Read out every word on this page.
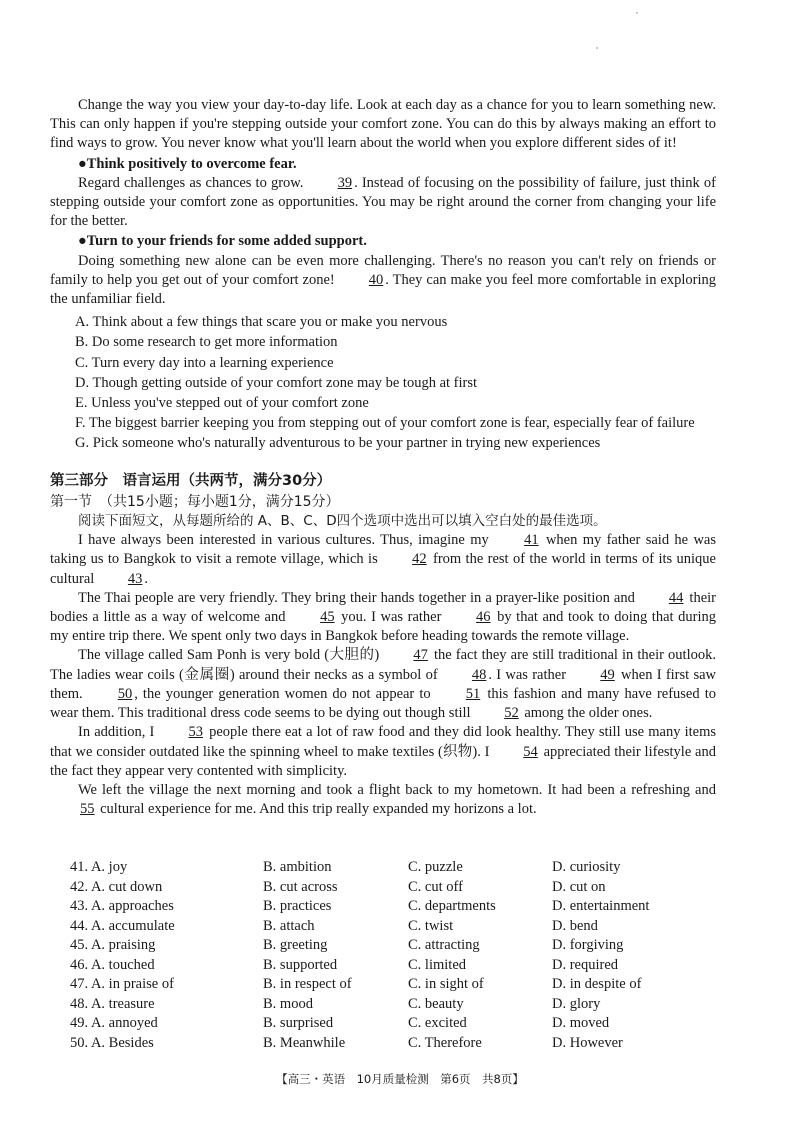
Change the way you view your day-to-day life. Look at each day as a chance for you to learn something new. This can only happen if you're stepping outside your comfort zone. You can do this by always making an effort to find ways to grow. You never know what you'll learn about the world when you explore different sides of it!

●Think positively to overcome fear.

Regard challenges as chances to grow. 39 . Instead of focusing on the possibility of failure, just think of stepping outside your comfort zone as opportunities. You may be right around the corner from changing your life for the better.

●Turn to your friends for some added support.

Doing something new alone can be even more challenging. There's no reason you can't rely on friends or family to help you get out of your comfort zone! 40 . They can make you feel more comfortable in exploring the unfamiliar field.

A. Think about a few things that scare you or make you nervous

B. Do some research to get more information

C. Turn every day into a learning experience

D. Though getting outside of your comfort zone may be tough at first

E. Unless you've stepped out of your comfort zone

F. The biggest barrier keeping you from stepping out of your comfort zone is fear, especially fear of failure

G. Pick someone who's naturally adventurous to be your partner in trying new experiences

第三部分　语言运用（共两节，满分30分）

第一节　（共15小题；每小题1分，满分15分）

阅读下面短文，从每题所给的 A、B、C、D四个选项中选出可以填入空白处的最佳选项。

I have always been interested in various cultures. Thus, imagine my 41 when my father said he was taking us to Bangkok to visit a remote village, which is 42 from the rest of the world in terms of its unique cultural 43 .

The Thai people are very friendly. They bring their hands together in a prayer-like position and 44 their bodies a little as a way of welcome and 45 you. I was rather 46 by that and took to doing that during my entire trip there. We spent only two days in Bangkok before heading towards the remote village.

The village called Sam Ponh is very bold (大胆的) 47 the fact they are still traditional in their outlook. The ladies wear coils (金属圈) around their necks as a symbol of 48 . I was rather 49 when I first saw them. 50 , the younger generation women do not appear to 51 this fashion and many have refused to wear them. This traditional dress code seems to be dying out though still 52 among the older ones.

In addition, I 53 people there eat a lot of raw food and they did look healthy. They still use many items that we consider outdated like the spinning wheel to make textiles (织物). I 54 appreciated their lifestyle and the fact they appear very contented with simplicity.

We left the village the next morning and took a flight back to my hometown. It had been a refreshing and 55 cultural experience for me. And this trip really expanded my horizons a lot.

41. A. joy	B. ambition	C. puzzle	D. curiosity
42. A. cut down	B. cut across	C. cut off	D. cut on
43. A. approaches	B. practices	C. departments	D. entertainment
44. A. accumulate	B. attach	C. twist	D. bend
45. A. praising	B. greeting	C. attracting	D. forgiving
46. A. touched	B. supported	C. limited	D. required
47. A. in praise of	B. in respect of	C. in sight of	D. in despite of
48. A. treasure	B. mood	C. beauty	D. glory
49. A. annoyed	B. surprised	C. excited	D. moved
50. A. Besides	B. Meanwhile	C. Therefore	D. However
【高三・英语　10月质量检测　第6页　共8页】
